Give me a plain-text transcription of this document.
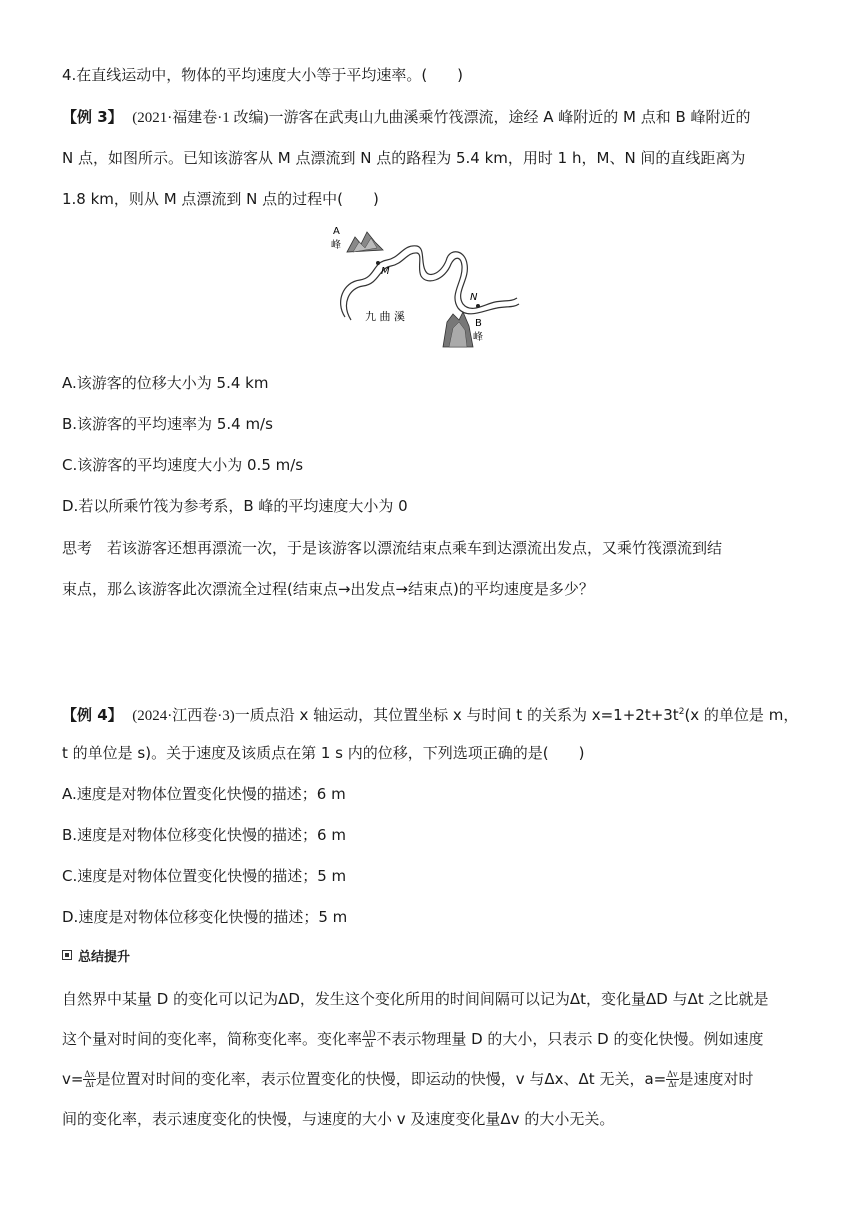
4.在直线运动中，物体的平均速度大小等于平均速率。(　　)
【例 3】 (2021·福建卷·1 改编)一游客在武夷山九曲溪乘竹筏漂流，途经 A 峰附近的 M 点和 B 峰附近的
N 点，如图所示。已知该游客从 M 点漂流到 N 点的路程为 5.4 km，用时 1 h，M、N 间的直线距离为
1.8 km，则从 M 点漂流到 N 点的过程中(　　)
A
峰
M
N
B
峰
九 曲 溪
A.该游客的位移大小为 5.4 km
B.该游客的平均速率为 5.4 m/s
C.该游客的平均速度大小为 0.5 m/s
D.若以所乘竹筏为参考系，B 峰的平均速度大小为 0
思考　若该游客还想再漂流一次，于是该游客以漂流结束点乘车到达漂流出发点，又乘竹筏漂流到结
束点，那么该游客此次漂流全过程(结束点→出发点→结束点)的平均速度是多少？
【例 4】 (2024·江西卷·3)一质点沿 x 轴运动，其位置坐标 x 与时间 t 的关系为 $x=1+2t+3t^2(x$ 的单位是 m，
t 的单位是 s)。关于速度及该质点在第 1 s 内的位移，下列选项正确的是(　　)
A.速度是对物体位置变化快慢的描述；6 m
B.速度是对物体位移变化快慢的描述；6 m
C.速度是对物体位置变化快慢的描述；5 m
D.速度是对物体位移变化快慢的描述；5 m
总结提升
自然界中某量 D 的变化可以记为ΔD，发生这个变化所用的时间间隔可以记为Δt，变化量ΔD 与Δt 之比就是
这个量对时间的变化率，简称变化率。变化率 $\frac{\Delta D}{\Delta t}$ 不表示物理量 D 的大小，只表示 D 的变化快慢。例如速度
$v= \frac{\Delta x}{\Delta t}$ 是位置对时间的变化率，表示位置变化的快慢，即运动的快慢，v 与Δx、Δt 无关，$a= \frac{\Delta v}{\Delta t}$ 是速度对时
间的变化率，表示速度变化的快慢，与速度的大小 v 及速度变化量Δv 的大小无关。
